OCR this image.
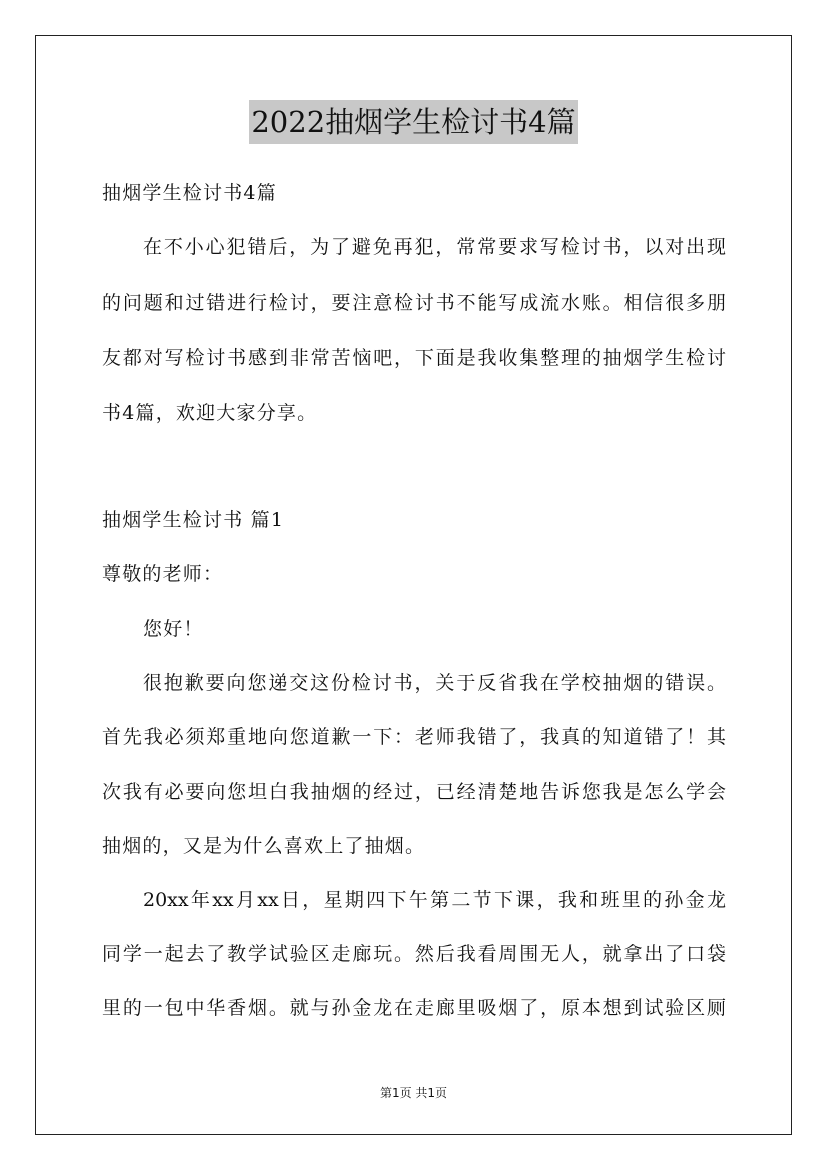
2022抽烟学生检讨书4篇
抽烟学生检讨书4篇
在不小心犯错后，为了避免再犯，常常要求写检讨书，以对出现
的问题和过错进行检讨，要注意检讨书不能写成流水账。相信很多朋
友都对写检讨书感到非常苦恼吧，下面是我收集整理的抽烟学生检讨
书4篇，欢迎大家分享。
抽烟学生检讨书 篇1
尊敬的老师：
您好！
很抱歉要向您递交这份检讨书，关于反省我在学校抽烟的错误。
首先我必须郑重地向您道歉一下：老师我错了，我真的知道错了！其
次我有必要向您坦白我抽烟的经过，已经清楚地告诉您我是怎么学会
抽烟的，又是为什么喜欢上了抽烟。
20xx年xx月xx日，星期四下午第二节下课，我和班里的孙金龙
同学一起去了教学试验区走廊玩。然后我看周围无人，就拿出了口袋
里的一包中华香烟。就与孙金龙在走廊里吸烟了，原本想到试验区厕
第1页 共1页
